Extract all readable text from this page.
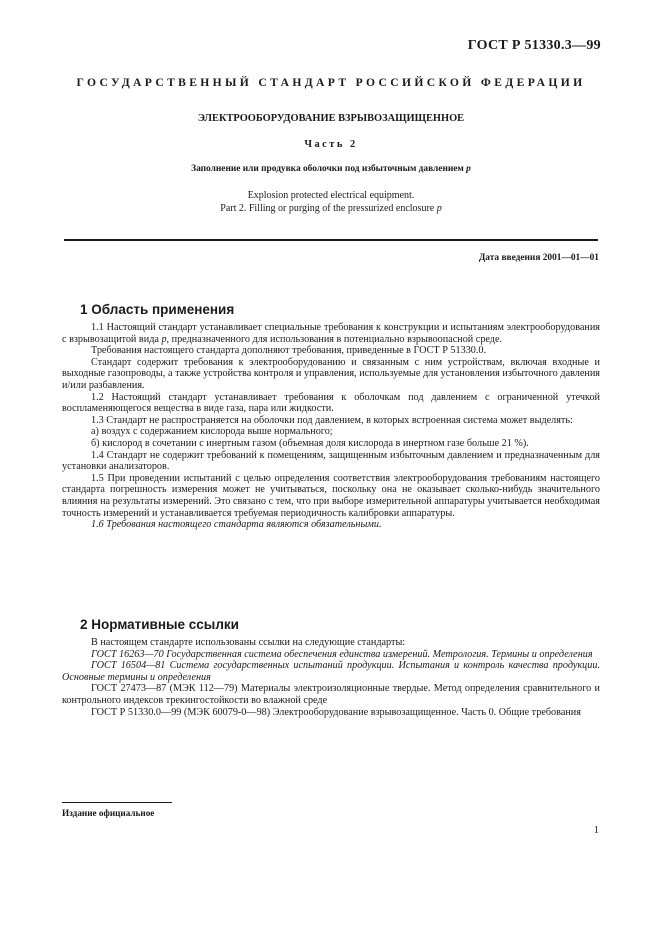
ГОСТ Р 51330.3—99
ГОСУДАРСТВЕННЫЙ СТАНДАРТ РОССИЙСКОЙ ФЕДЕРАЦИИ
ЭЛЕКТРООБОРУДОВАНИЕ ВЗРЫВОЗАЩИЩЕННОЕ
Часть 2
Заполнение или продувка оболочки под избыточным давлением p
Explosion protected electrical equipment.
Part 2. Filling or purging of the pressurized enclosure p
Дата введения 2001—01—01
1 Область применения

1.1 Настоящий стандарт устанавливает специальные требования к конструкции и испытаниям электрооборудования с взрывозащитой вида p, предназначенного для использования в потенциально взрывоопасной среде.

Требования настоящего стандарта дополняют требования, приведенные в ГОСТ Р 51330.0.

Стандарт содержит требования к электрооборудованию и связанным с ним устройствам, включая входные и выходные газопроводы, а также устройства контроля и управления, используемые для установления избыточного давления и/или разбавления.

1.2 Настоящий стандарт устанавливает требования к оболочкам под давлением с ограниченной утечкой воспламеняющегося вещества в виде газа, пара или жидкости.

1.3 Стандарт не распространяется на оболочки под давлением, в которых встроенная система может выделять:

а) воздух с содержанием кислорода выше нормального;

б) кислород в сочетании с инертным газом (объемная доля кислорода в инертном газе больше 21 %).

1.4 Стандарт не содержит требований к помещениям, защищенным избыточным давлением и предназначенным для установки анализаторов.

1.5 При проведении испытаний с целью определения соответствия электрооборудования требованиям настоящего стандарта погрешность измерения может не учитываться, поскольку она не оказывает сколько-нибудь значительного влияния на результаты измерений. Это связано с тем, что при выборе измерительной аппаратуры учитывается необходимая точность измерений и устанавливается требуемая периодичность калибровки аппаратуры.

1.6 Требования настоящего стандарта являются обязательными.

2 Нормативные ссылки

В настоящем стандарте использованы ссылки на следующие стандарты:

ГОСТ 16263—70 Государственная система обеспечения единства измерений. Метрология. Термины и определения

ГОСТ 16504—81 Система государственных испытаний продукции. Испытания и контроль качества продукции. Основные термины и определения

ГОСТ 27473—87 (МЭК 112—79) Материалы электроизоляционные твердые. Метод определения сравнительного и контрольного индексов трекингостойкости во влажной среде

ГОСТ Р 51330.0—99 (МЭК 60079-0—98) Электрооборудование взрывозащищенное. Часть 0. Общие требования

Издание официальное
1
